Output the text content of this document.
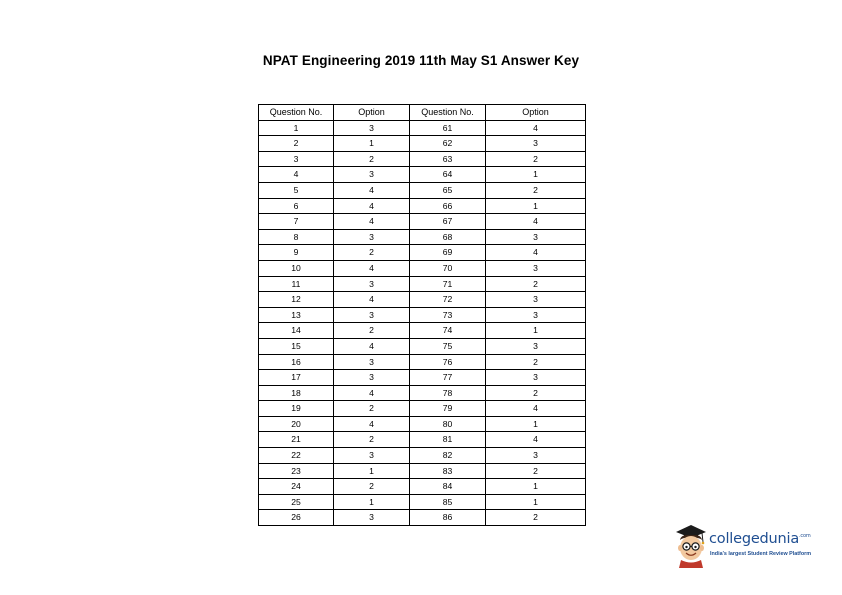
NPAT Engineering 2019 11th May S1 Answer Key
Question No.	Option	Question No.	Option
1	3	61	4
2	1	62	3
3	2	63	2
4	3	64	1
5	4	65	2
6	4	66	1
7	4	67	4
8	3	68	3
9	2	69	4
10	4	70	3
11	3	71	2
12	4	72	3
13	3	73	3
14	2	74	1
15	4	75	3
16	3	76	2
17	3	77	3
18	4	78	2
19	2	79	4
20	4	80	1
21	2	81	4
22	3	82	3
23	1	83	2
24	2	84	1
25	1	85	1
26	3	86	2
collegedunia$^{.com}$
India's largest Student Review Platform
